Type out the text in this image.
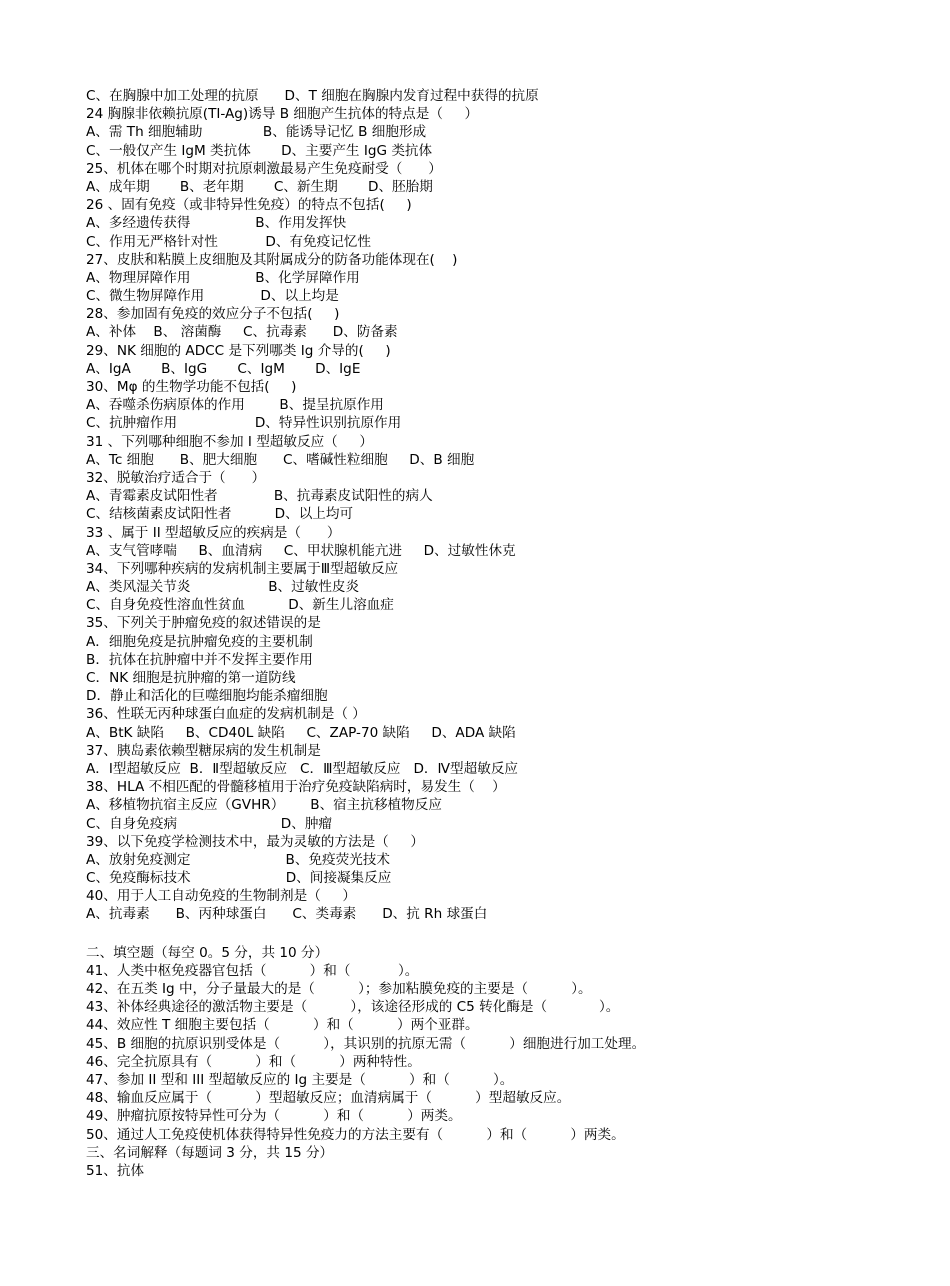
C、在胸腺中加工处理的抗原      D、T 细胞在胸腺内发育过程中获得的抗原
24 胸腺非依赖抗原(TI-Ag)诱导 B 细胞产生抗体的特点是（     ）
A、需 Th 细胞辅助              B、能诱导记忆 B 细胞形成
C、一般仅产生 IgM 类抗体       D、主要产生 IgG 类抗体
25、机体在哪个时期对抗原刺激最易产生免疫耐受（      ）
A、成年期       B、老年期       C、新生期       D、胚胎期
26 、固有免疫（或非特异性免疫）的特点不包括(     )
A、多经遗传获得               B、作用发挥快
C、作用无严格针对性           D、有免疫记忆性
27、皮肤和粘膜上皮细胞及其附属成分的防备功能体现在(    )
A、物理屏障作用               B、化学屏障作用
C、微生物屏障作用             D、以上均是
28、参加固有免疫的效应分子不包括(     )
A、补体    B、 溶菌酶     C、抗毒素      D、防备素
29、NK 细胞的 ADCC 是下列哪类 Ig 介导的(     )
A、IgA       B、IgG       C、IgM       D、IgE
30、Mφ 的生物学功能不包括(     )
A、吞噬杀伤病原体的作用        B、提呈抗原作用
C、抗肿瘤作用                  D、特异性识别抗原作用
31 、下列哪种细胞不参加 I 型超敏反应（     ）
A、Tc 细胞      B、肥大细胞      C、嗜碱性粒细胞     D、B 细胞
32、脱敏治疗适合于（      ）
A、青霉素皮试阳性者             B、抗毒素皮试阳性的病人
C、结核菌素皮试阳性者          D、以上均可
33 、属于 II 型超敏反应的疾病是（      ）
A、支气管哮喘     B、血清病     C、甲状腺机能亢进     D、过敏性休克
34、下列哪种疾病的发病机制主要属于Ⅲ型超敏反应
A、类风湿关节炎                  B、过敏性皮炎
C、自身免疫性溶血性贫血          D、新生儿溶血症
35、下列关于肿瘤免疫的叙述错误的是
A．细胞免疫是抗肿瘤免疫的主要机制
B．抗体在抗肿瘤中并不发挥主要作用
C．NK 细胞是抗肿瘤的第一道防线
D．静止和活化的巨噬细胞均能杀瘤细胞
36、性联无丙种球蛋白血症的发病机制是（ ）
A、BtK 缺陷     B、CD40L 缺陷     C、ZAP-70 缺陷     D、ADA 缺陷
37、胰岛素依赖型糖尿病的发生机制是
A．Ⅰ型超敏反应  B．Ⅱ型超敏反应   C．Ⅲ型超敏反应   D．Ⅳ型超敏反应
38、HLA 不相匹配的骨髓移植用于治疗免疫缺陷病时，易发生（    ）
A、移植物抗宿主反应（GVHR）      B、宿主抗移植物反应
C、自身免疫病                        D、肿瘤
39、以下免疫学检测技术中，最为灵敏的方法是（     ）
A、放射免疫测定                      B、免疫荧光技术
C、免疫酶标技术                      D、间接凝集反应
40、用于人工自动免疫的生物制剂是（     ）
A、抗毒素      B、丙种球蛋白      C、类毒素      D、抗 Rh 球蛋白
二、填空题（每空 0。5 分，共 10 分）
41、人类中枢免疫器官包括（          ）和（           ）。
42、在五类 Ig 中，分子量最大的是（          ）；参加粘膜免疫的主要是（          ）。
43、补体经典途径的激活物主要是（          ），该途径形成的 C5 转化酶是（            ）。
44、效应性 T 细胞主要包括（          ）和（          ）两个亚群。
45、B 细胞的抗原识别受体是（          ），其识别的抗原无需（          ）细胞进行加工处理。
46、完全抗原具有（          ）和（          ）两种特性。
47、参加 II 型和 III 型超敏反应的 Ig 主要是（          ）和（          ）。
48、输血反应属于（          ）型超敏反应；血清病属于（          ）型超敏反应。
49、肿瘤抗原按特异性可分为（          ）和（          ）两类。
50、通过人工免疫使机体获得特异性免疫力的方法主要有（          ）和（          ）两类。
三、名词解释（每题词 3 分，共 15 分）
51、抗体
